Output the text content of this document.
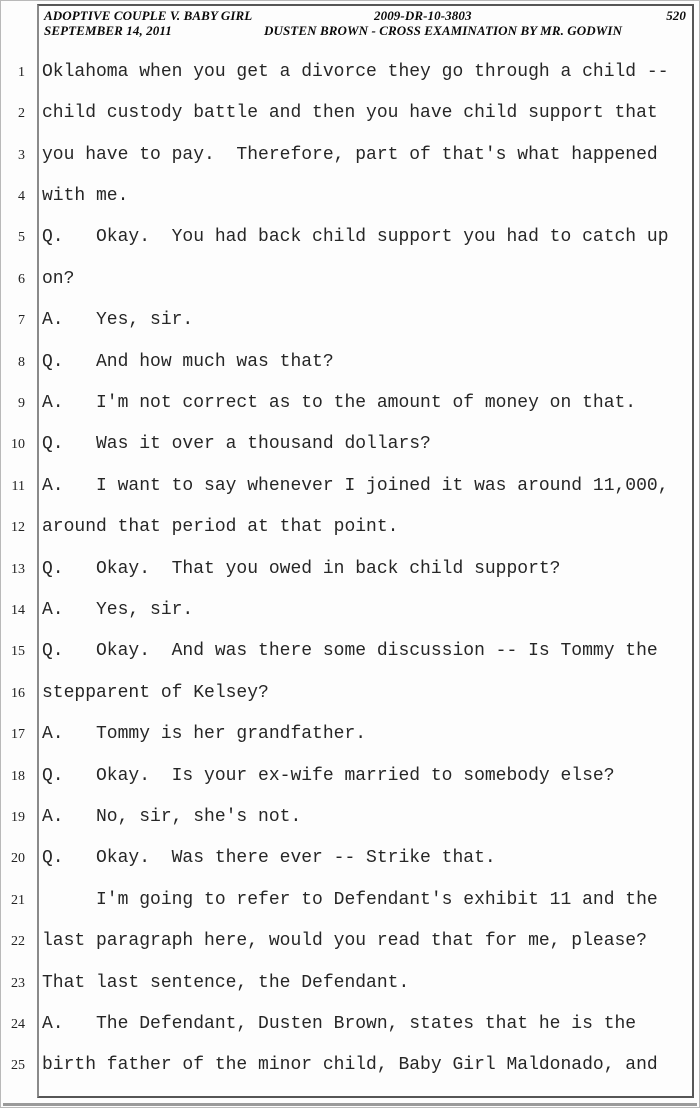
ADOPTIVE COUPLE V. BABY GIRL	2009-DR-10-3803	520
SEPTEMBER 14, 2011	DUSTEN BROWN - CROSS EXAMINATION BY MR. GODWIN
1 Oklahoma when you get a divorce they go through a child --
2 child custody battle and then you have child support that
3 you have to pay.  Therefore, part of that's what happened
4 with me.
5 Q.   Okay.  You had back child support you had to catch up
6 on?
7 A.   Yes, sir.
8 Q.   And how much was that?
9 A.   I'm not correct as to the amount of money on that.
10 Q.   Was it over a thousand dollars?
11 A.   I want to say whenever I joined it was around 11,000,
12 around that period at that point.
13 Q.   Okay.  That you owed in back child support?
14 A.   Yes, sir.
15 Q.   Okay.  And was there some discussion -- Is Tommy the
16 stepparent of Kelsey?
17 A.   Tommy is her grandfather.
18 Q.   Okay.  Is your ex-wife married to somebody else?
19 A.   No, sir, she's not.
20 Q.   Okay.  Was there ever -- Strike that.
21 I'm going to refer to Defendant's exhibit 11 and the
22 last paragraph here, would you read that for me, please?
23 That last sentence, the Defendant.
24 A.   The Defendant, Dusten Brown, states that he is the
25 birth father of the minor child, Baby Girl Maldonado, and
